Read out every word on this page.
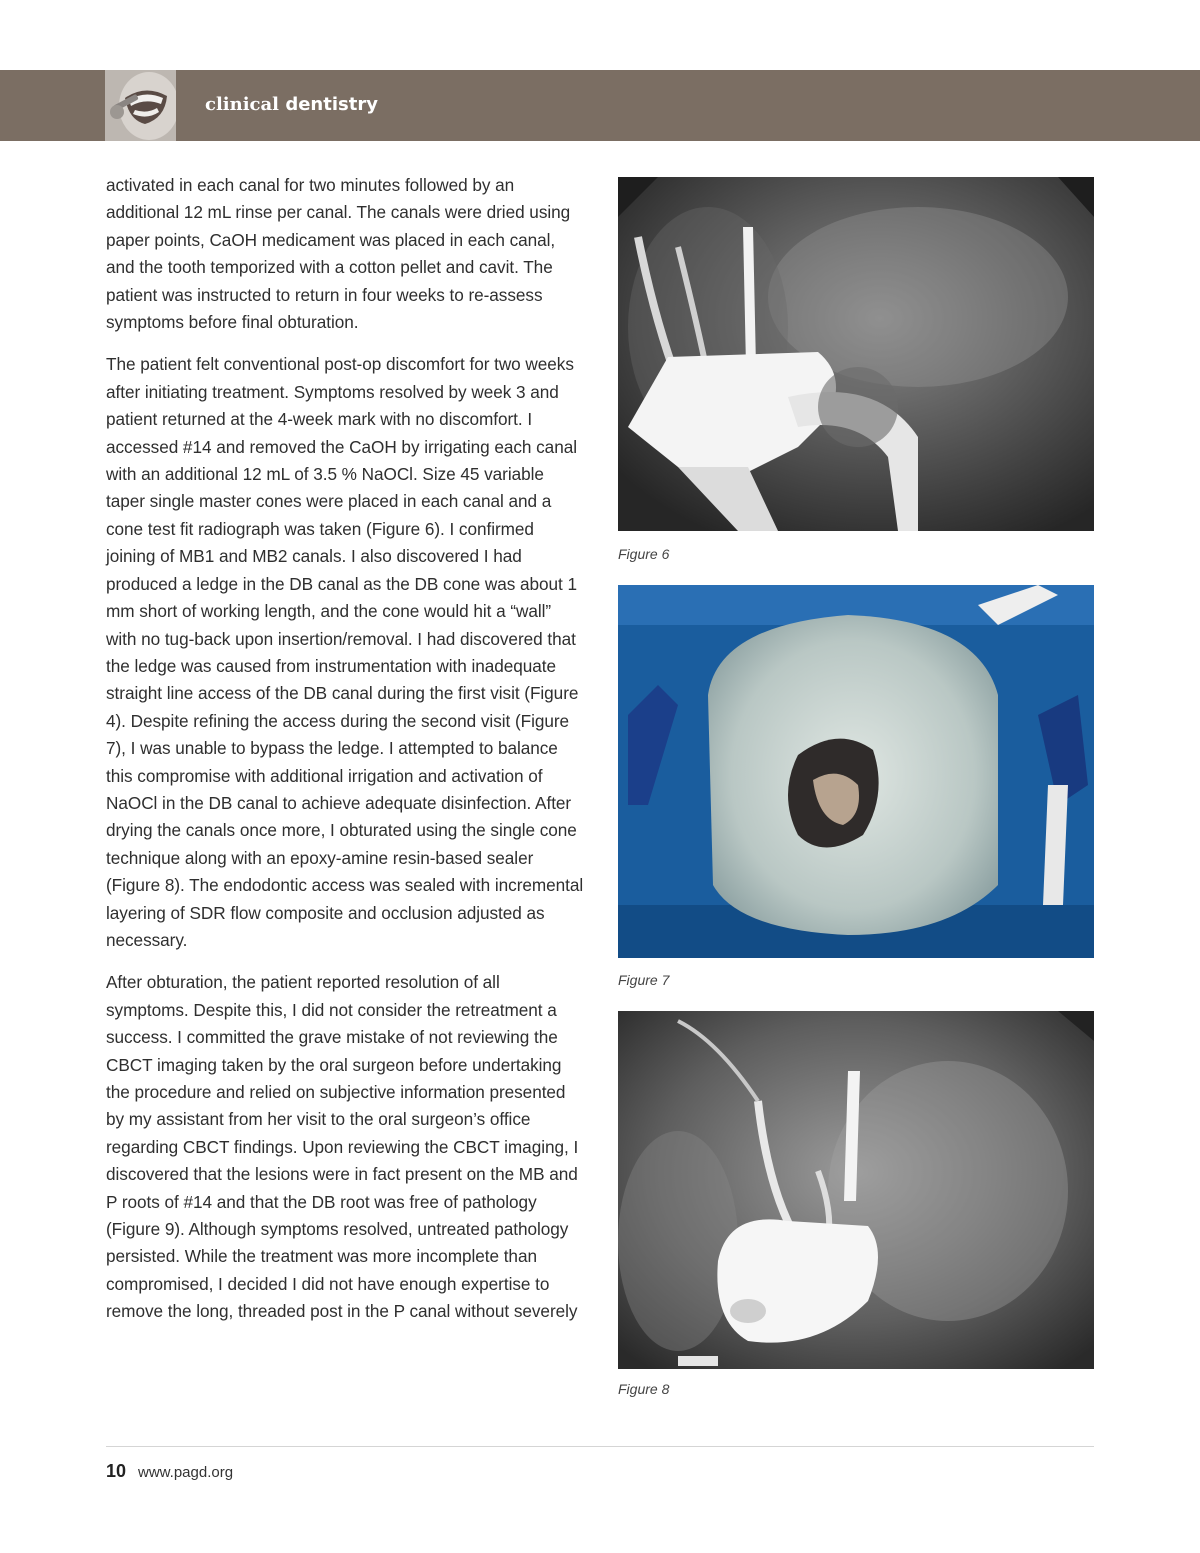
clinical dentistry

activated in each canal for two minutes followed by an additional 12 mL rinse per canal. The canals were dried using paper points, CaOH medicament was placed in each canal, and the tooth temporized with a cotton pellet and cavit. The patient was instructed to return in four weeks to re-assess symptoms before final obturation.

The patient felt conventional post-op discomfort for two weeks after initiating treatment. Symptoms resolved by week 3 and patient returned at the 4-week mark with no discomfort. I accessed #14 and removed the CaOH by irrigating each canal with an additional 12 mL of 3.5 % NaOCl. Size 45 variable taper single master cones were placed in each canal and a cone test fit radiograph was taken (Figure 6). I confirmed joining of MB1 and MB2 canals. I also discovered I had produced a ledge in the DB canal as the DB cone was about 1 mm short of working length, and the cone would hit a “wall” with no tug-back upon insertion/removal. I had discovered that the ledge was caused from instrumentation with inadequate straight line access of the DB canal during the first visit (Figure 4). Despite refining the access during the second visit (Figure 7), I was unable to bypass the ledge. I attempted to balance this compromise with additional irrigation and activation of NaOCl in the DB canal to achieve adequate disinfection. After drying the canals once more, I obturated using the single cone technique along with an epoxy-amine resin-based sealer (Figure 8). The endodontic access was sealed with incremental layering of SDR flow composite and occlusion adjusted as necessary.

After obturation, the patient reported resolution of all symptoms. Despite this, I did not consider the retreatment a success. I committed the grave mistake of not reviewing the CBCT imaging taken by the oral surgeon before undertaking the procedure and relied on subjective information presented by my assistant from her visit to the oral surgeon’s office regarding CBCT findings. Upon reviewing the CBCT imaging, I discovered that the lesions were in fact present on the MB and P roots of #14 and that the DB root was free of pathology (Figure 9). Although symptoms resolved, untreated pathology persisted. While the treatment was more incomplete than compromised, I decided I did not have enough expertise to remove the long, threaded post in the P canal without severely

Figure 6
Figure 7
Figure 8
10 www.pagd.org
